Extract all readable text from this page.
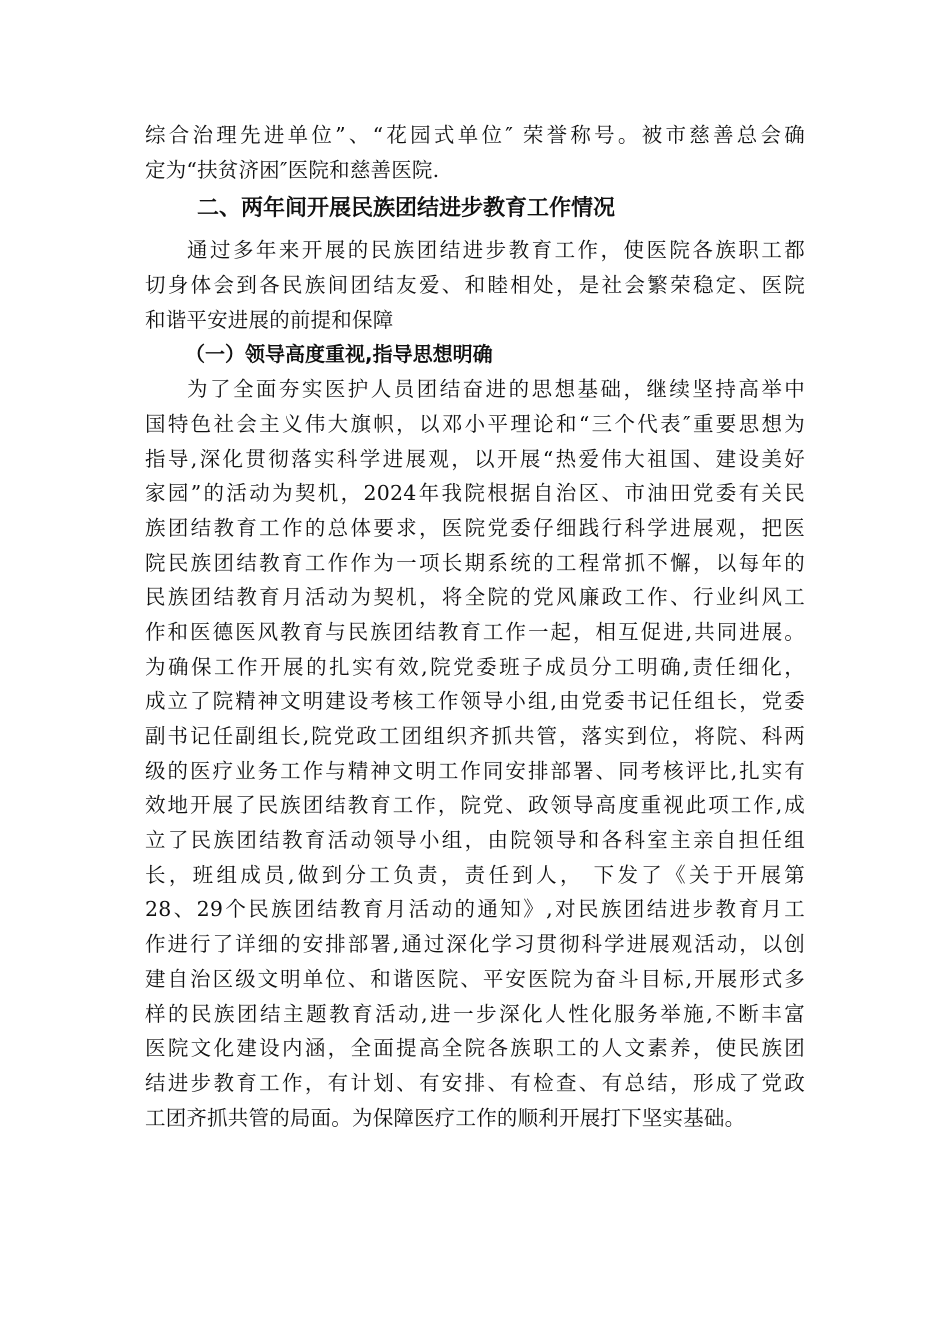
综合治理先进单位”、“花园式单位″ 荣誉称号。被市慈善总会确
定为“扶贫济困″医院和慈善医院.
二、两年间开展民族团结进步教育工作情况
通过多年来开展的民族团结进步教育工作，使医院各族职工都
切身体会到各民族间团结友爱、和睦相处，是社会繁荣稳定、医院
和谐平安进展的前提和保障
（一）领导高度重视,指导思想明确
为了全面夯实医护人员团结奋进的思想基础，继续坚持高举中
国特色社会主义伟大旗帜，以邓小平理论和“三个代表″重要思想为
指导,深化贯彻落实科学进展观，以开展“热爱伟大祖国、建设美好
家园”的活动为契机，2024年我院根据自治区、市油田党委有关民
族团结教育工作的总体要求，医院党委仔细践行科学进展观，把医
院民族团结教育工作作为一项长期系统的工程常抓不懈，以每年的
民族团结教育月活动为契机，将全院的党风廉政工作、行业纠风工
作和医德医风教育与民族团结教育工作一起，相互促进,共同进展。
为确保工作开展的扎实有效,院党委班子成员分工明确,责任细化，
成立了院精神文明建设考核工作领导小组,由党委书记任组长，党委
副书记任副组长,院党政工团组织齐抓共管，落实到位，将院、科两
级的医疗业务工作与精神文明工作同安排部署、同考核评比,扎实有
效地开展了民族团结教育工作，院党、政领导高度重视此项工作,成
立了民族团结教育活动领导小组，由院领导和各科室主亲自担任组
长，班组成员,做到分工负责，责任到人， 下发了《关于开展第
28、29个民族团结教育月活动的通知》,对民族团结进步教育月工
作进行了详细的安排部署,通过深化学习贯彻科学进展观活动，以创
建自治区级文明单位、和谐医院、平安医院为奋斗目标,开展形式多
样的民族团结主题教育活动,进一步深化人性化服务举施,不断丰富
医院文化建设内涵，全面提高全院各族职工的人文素养，使民族团
结进步教育工作，有计划、有安排、有检查、有总结，形成了党政
工团齐抓共管的局面。为保障医疗工作的顺利开展打下坚实基础。
